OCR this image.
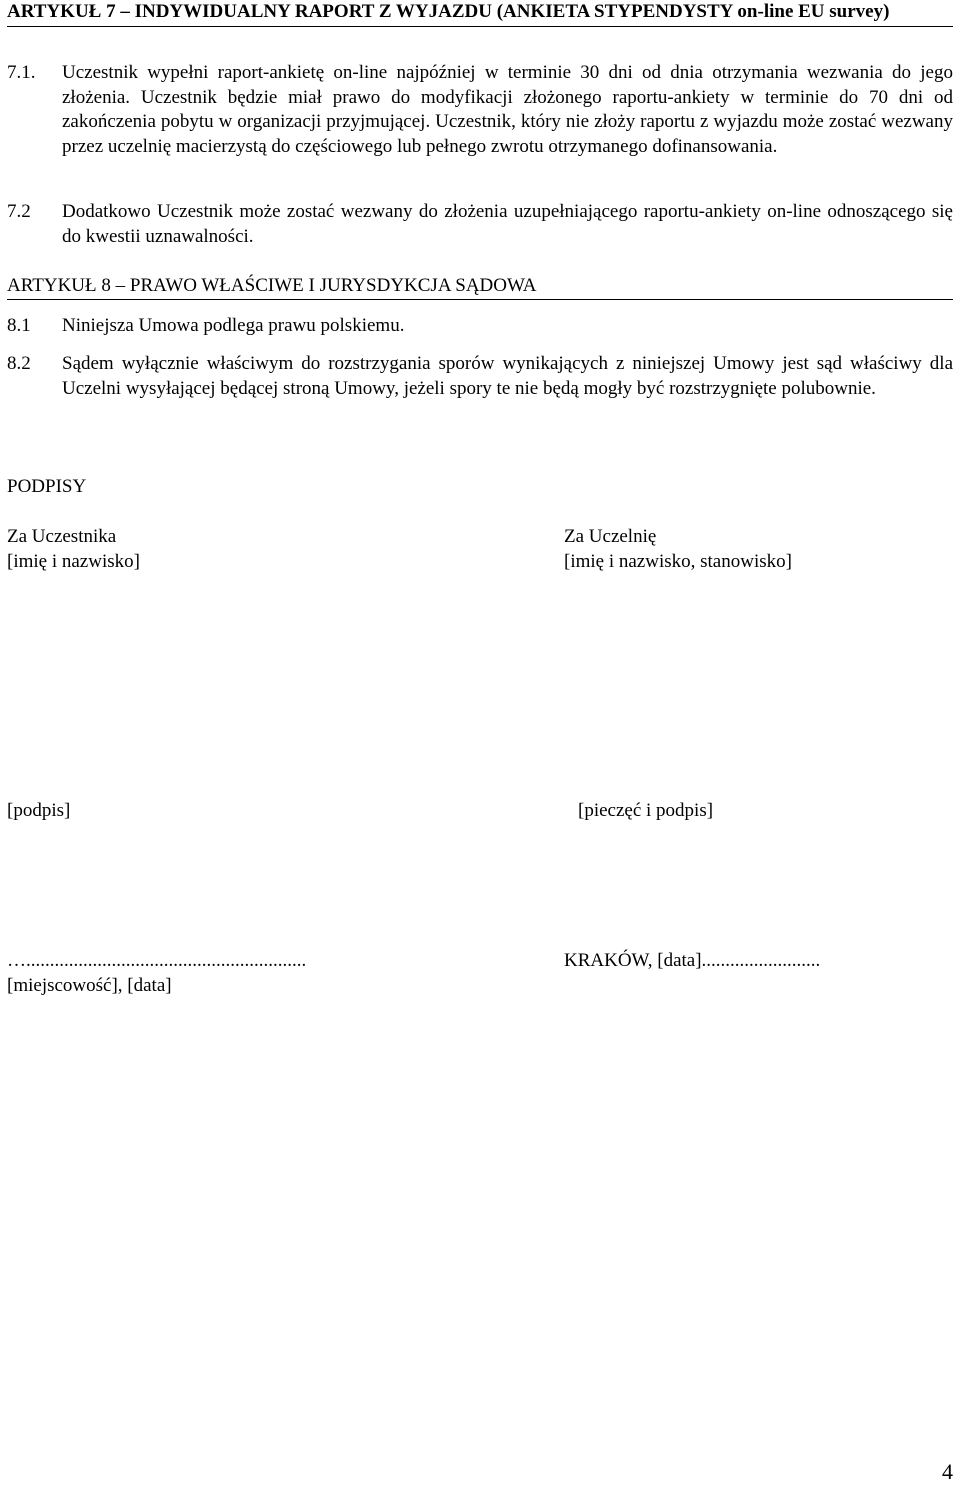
ARTYKUŁ 7 – INDYWIDUALNY RAPORT Z WYJAZDU (ANKIETA STYPENDYSTY on-line EU survey)
7.1.	Uczestnik wypełni raport-ankietę on-line najpóźniej w terminie 30 dni od dnia otrzymania wezwania do jego złożenia. Uczestnik będzie miał prawo do modyfikacji złożonego raportu-ankiety w terminie do 70 dni od zakończenia pobytu w organizacji przyjmującej. Uczestnik, który nie złoży raportu z wyjazdu może zostać wezwany przez uczelnię macierzystą do częściowego lub pełnego zwrotu otrzymanego dofinansowania.
7.2	Dodatkowo Uczestnik może zostać wezwany do złożenia uzupełniającego raportu-ankiety on-line odnoszącego się do kwestii uznawalności.
ARTYKUŁ 8 – PRAWO WŁAŚCIWE I JURYSDYKCJA SĄDOWA
8.1	Niniejsza Umowa podlega prawu polskiemu.
8.2	Sądem wyłącznie właściwym do rozstrzygania sporów wynikających z niniejszej Umowy jest sąd właściwy dla Uczelni wysyłającej będącej stroną Umowy, jeżeli spory te nie będą mogły być rozstrzygnięte polubownie.
PODPISY
Za Uczestnika
[imię i nazwisko]
Za Uczelnię
[imię i nazwisko, stanowisko]
[podpis]	[pieczęć i podpis]
…...........................................................
[miejscowość], [data]
KRAKÓW, [data].........................
4
